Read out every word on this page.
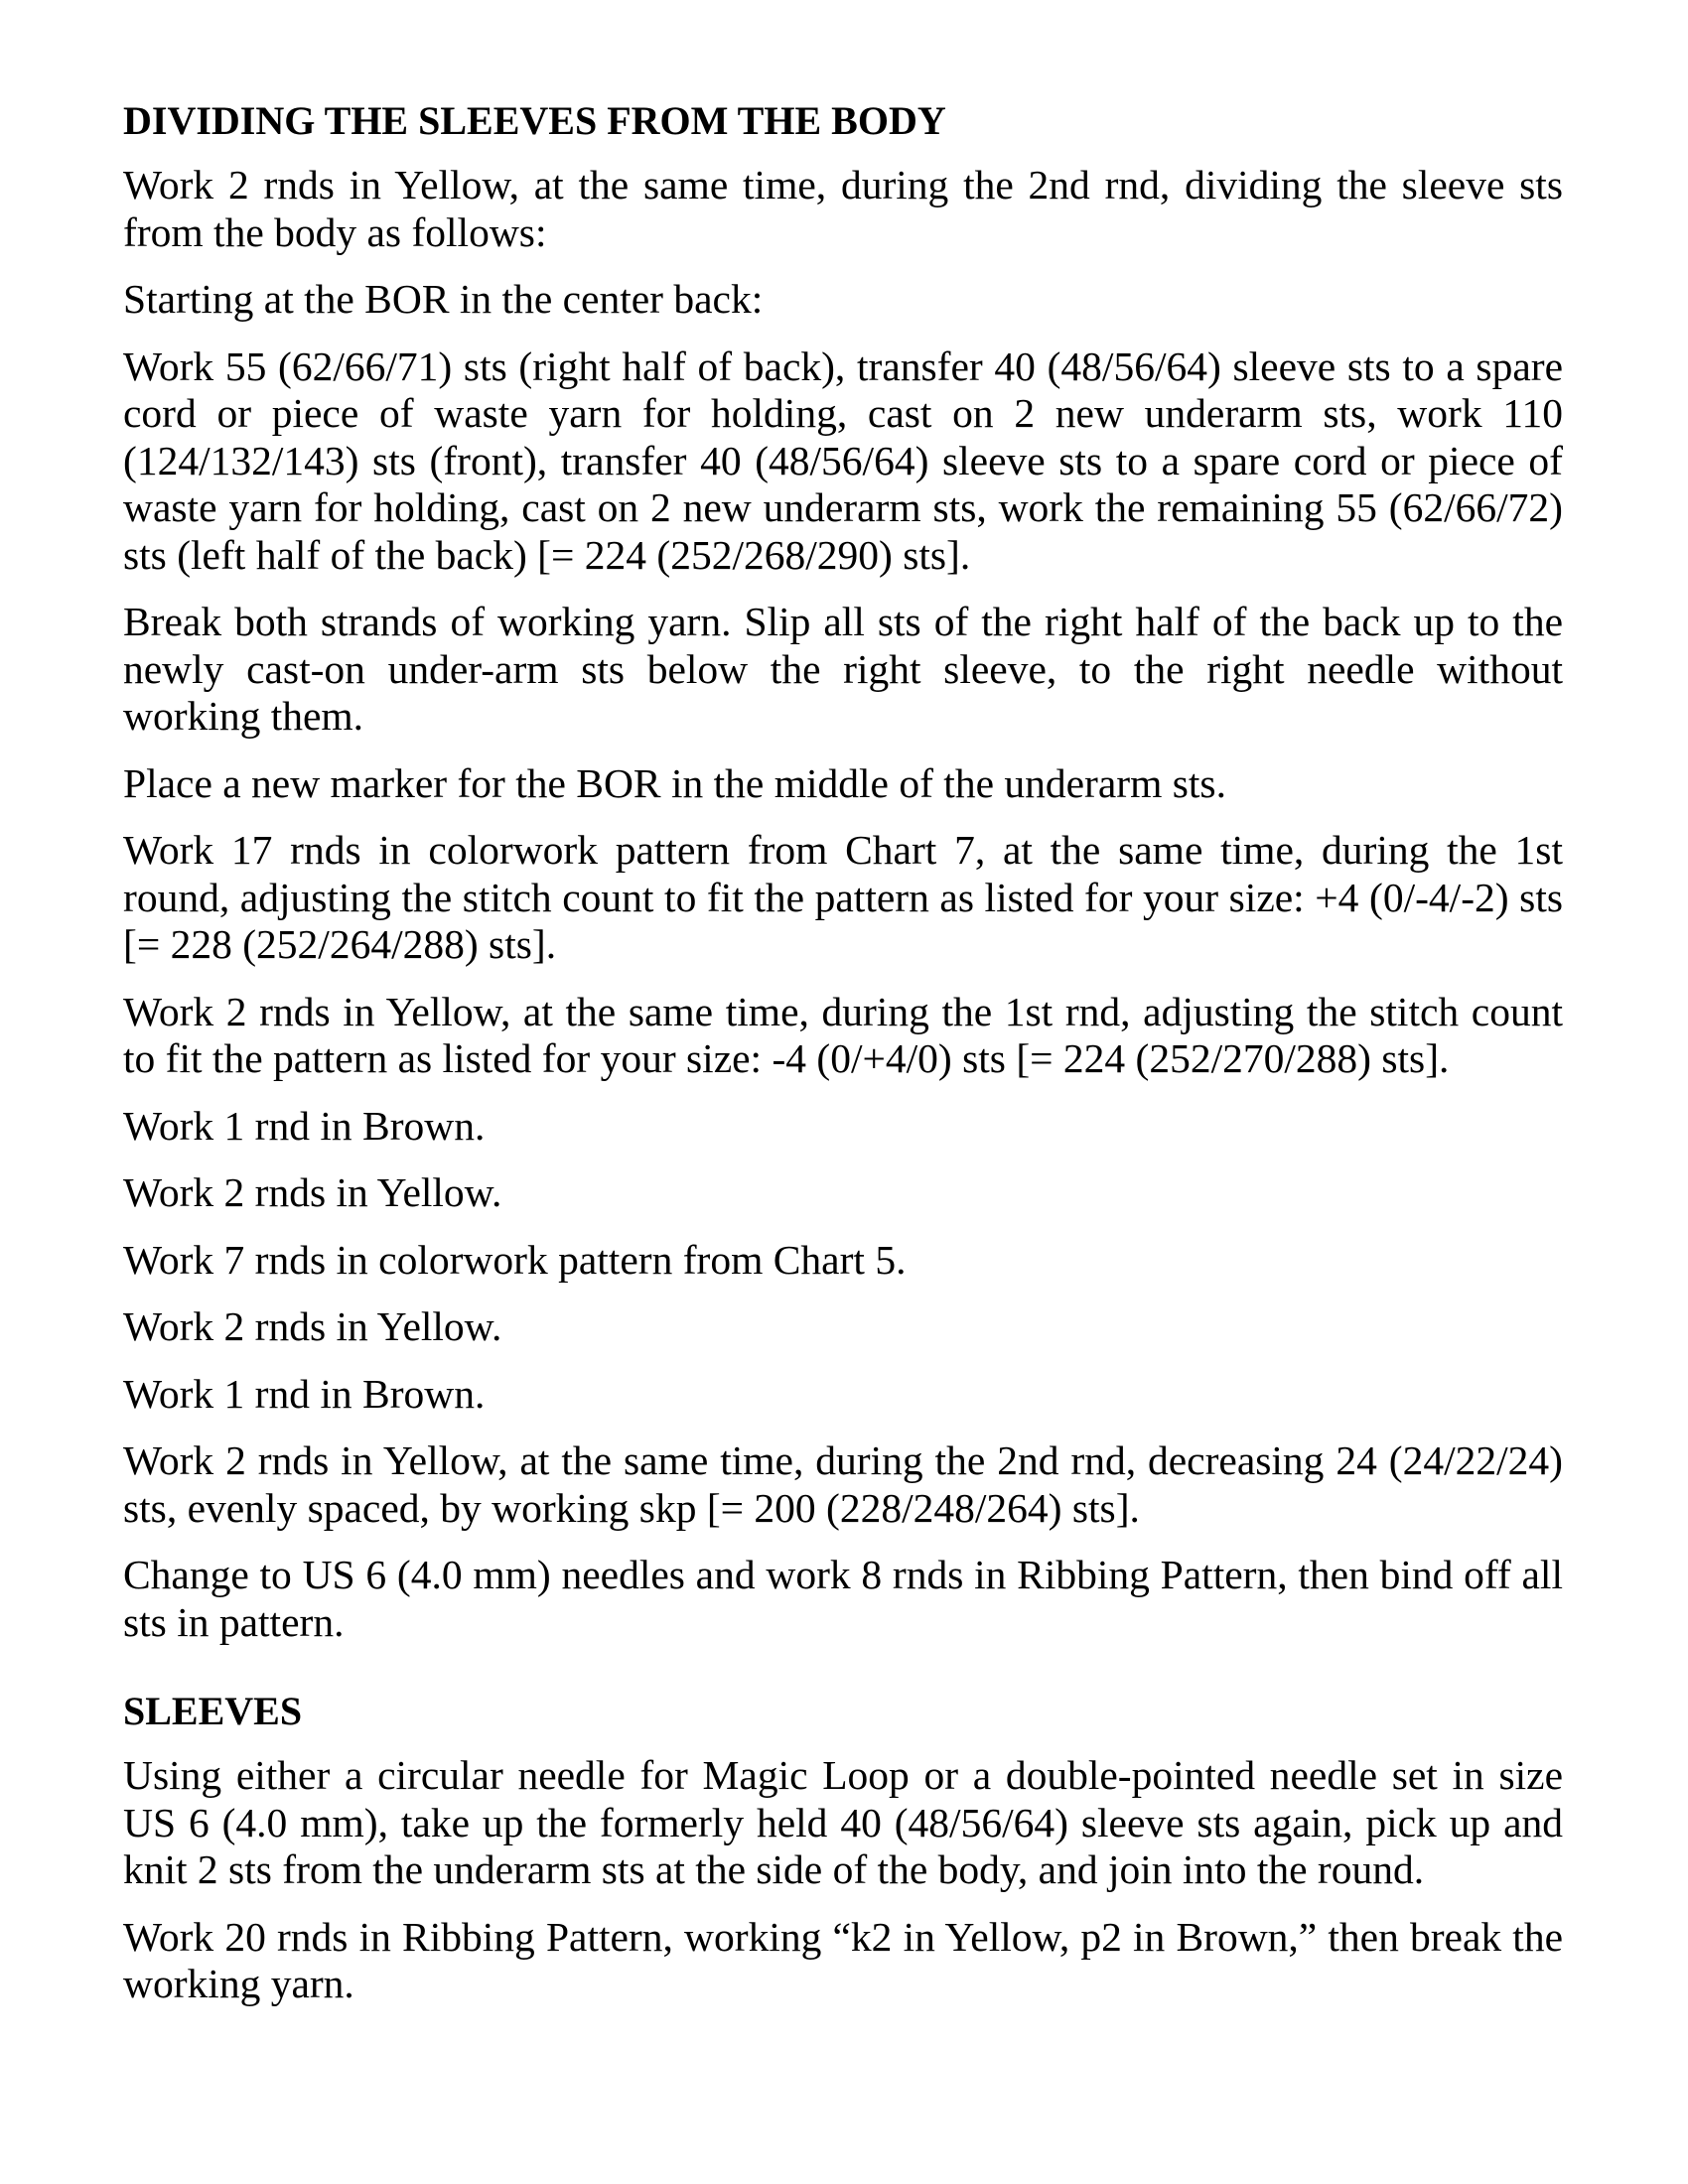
DIVIDING THE SLEEVES FROM THE BODY

Work 2 rnds in Yellow, at the same time, during the 2nd rnd, dividing the sleeve sts from the body as follows:

Starting at the BOR in the center back:

Work 55 (62/66/71) sts (right half of back), transfer 40 (48/56/64) sleeve sts to a spare cord or piece of waste yarn for holding, cast on 2 new underarm sts, work 110 (124/132/143) sts (front), transfer 40 (48/56/64) sleeve sts to a spare cord or piece of waste yarn for holding, cast on 2 new underarm sts, work the remaining 55 (62/66/72) sts (left half of the back) [= 224 (252/268/290) sts].

Break both strands of working yarn. Slip all sts of the right half of the back up to the newly cast-on under-arm sts below the right sleeve, to the right needle without working them.

Place a new marker for the BOR in the middle of the underarm sts.

Work 17 rnds in colorwork pattern from Chart 7, at the same time, during the 1st round, adjusting the stitch count to fit the pattern as listed for your size: +4 (0/-4/-2) sts [= 228 (252/264/288) sts].

Work 2 rnds in Yellow, at the same time, during the 1st rnd, adjusting the stitch count to fit the pattern as listed for your size: -4 (0/+4/0) sts [= 224 (252/270/288) sts].

Work 1 rnd in Brown.

Work 2 rnds in Yellow.

Work 7 rnds in colorwork pattern from Chart 5.

Work 2 rnds in Yellow.

Work 1 rnd in Brown.

Work 2 rnds in Yellow, at the same time, during the 2nd rnd, decreasing 24 (24/22/24) sts, evenly spaced, by working skp [= 200 (228/248/264) sts].

Change to US 6 (4.0 mm) needles and work 8 rnds in Ribbing Pattern, then bind off all sts in pattern.

SLEEVES

Using either a circular needle for Magic Loop or a double-pointed needle set in size US 6 (4.0 mm), take up the formerly held 40 (48/56/64) sleeve sts again, pick up and knit 2 sts from the underarm sts at the side of the body, and join into the round.

Work 20 rnds in Ribbing Pattern, working “k2 in Yellow, p2 in Brown,” then break the working yarn.
